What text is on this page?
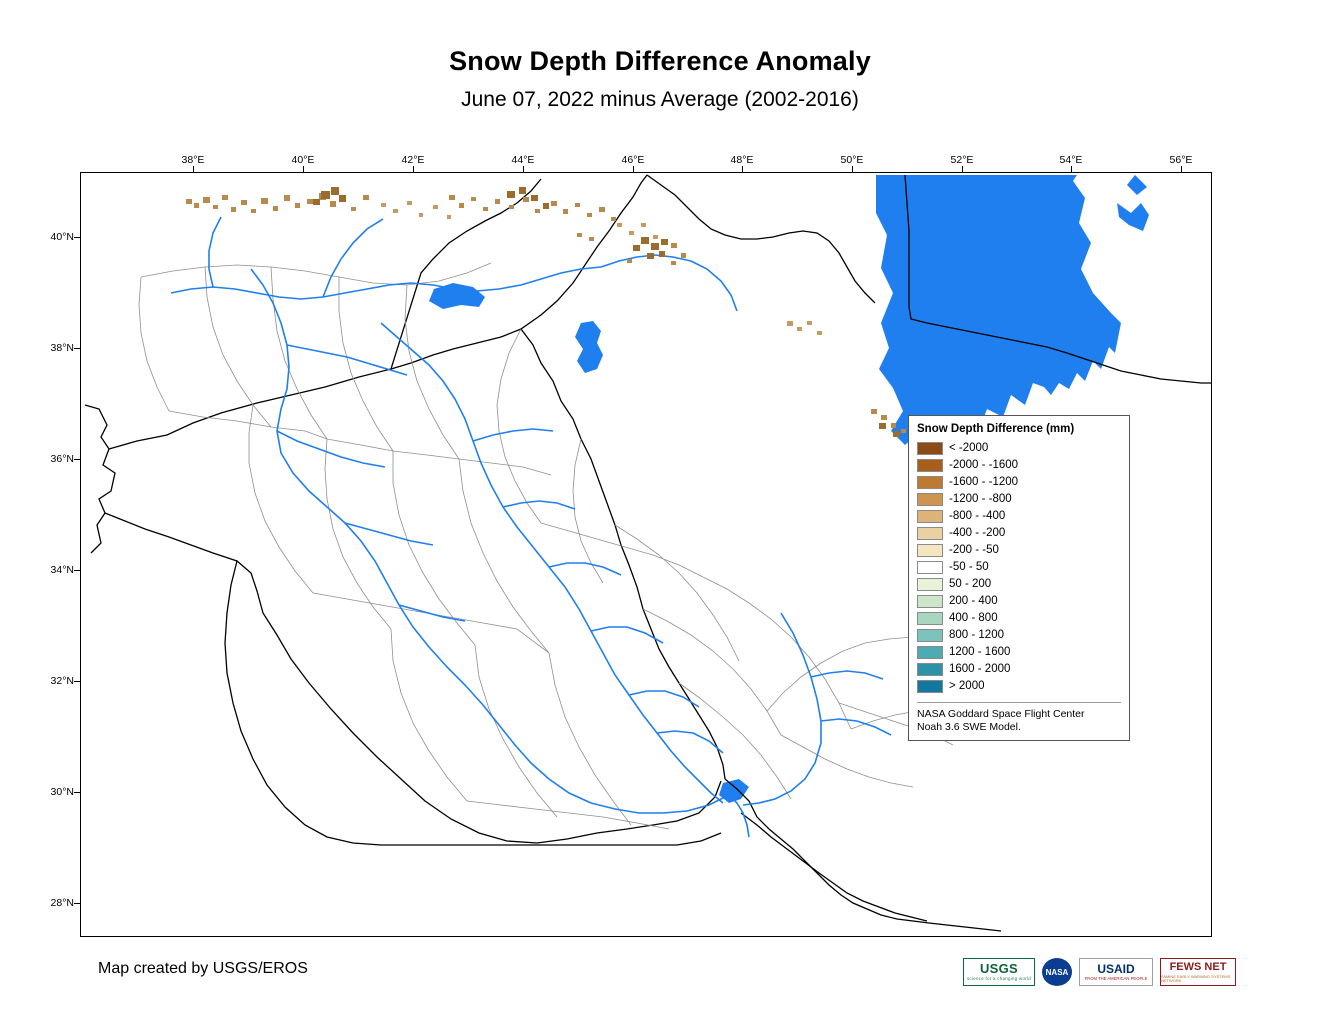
Snow Depth Difference Anomaly
June 07, 2022 minus Average (2002-2016)
38°E	40°E	42°E	44°E	46°E	48°E	50°E	52°E	54°E	56°E
40°N
38°N
36°N
34°N
32°N
30°N
28°N
Snow Depth Difference (mm)
< -2000
-2000 - -1600
-1600 - -1200
-1200 - -800
-800 - -400
-400 - -200
-200 - -50
-50 - 50
50 - 200
200 - 400
400 - 800
800 - 1200
1200 - 1600
1600 - 2000
> 2000
NASA Goddard Space Flight Center
Noah 3.6 SWE Model.
Map created by USGS/EROS	USGS
science for a changing world
NASA USAID
FROM THE AMERICAN PEOPLE
FEWS NET
FAMINE EARLY WARNING SYSTEMS NETWORK
